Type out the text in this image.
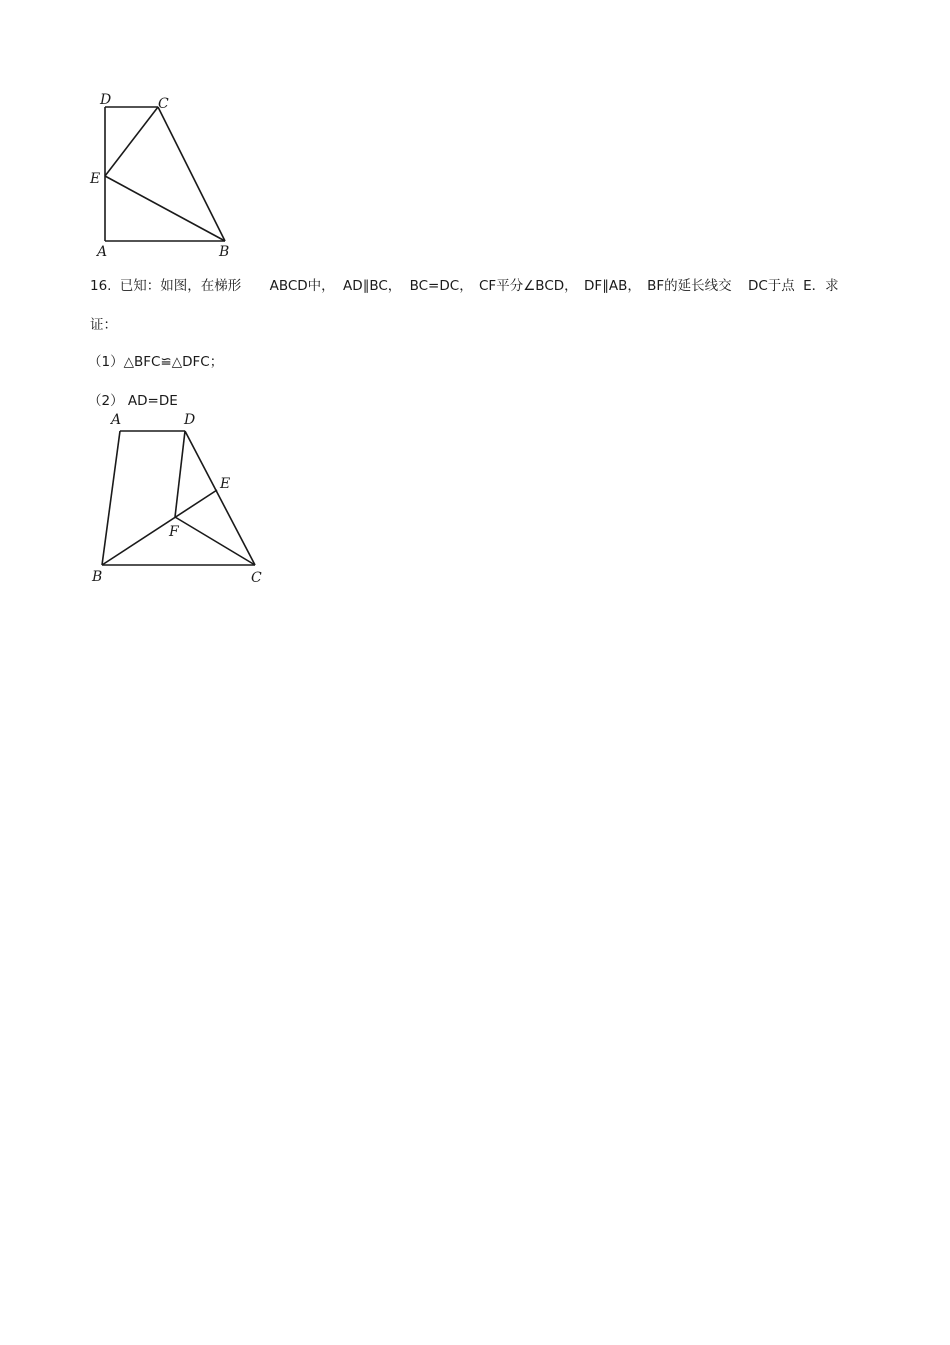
D	C
E
A	B
16. 已知：如图，在梯形 ABCD中， AD∥BC， BC=DC， CF平分∠BCD， DF∥AB， BF的延长线交 DC于点 E．求
证：
（1）△BFC≌△DFC；
（2） AD=DE
A	D
E
F
B	C
